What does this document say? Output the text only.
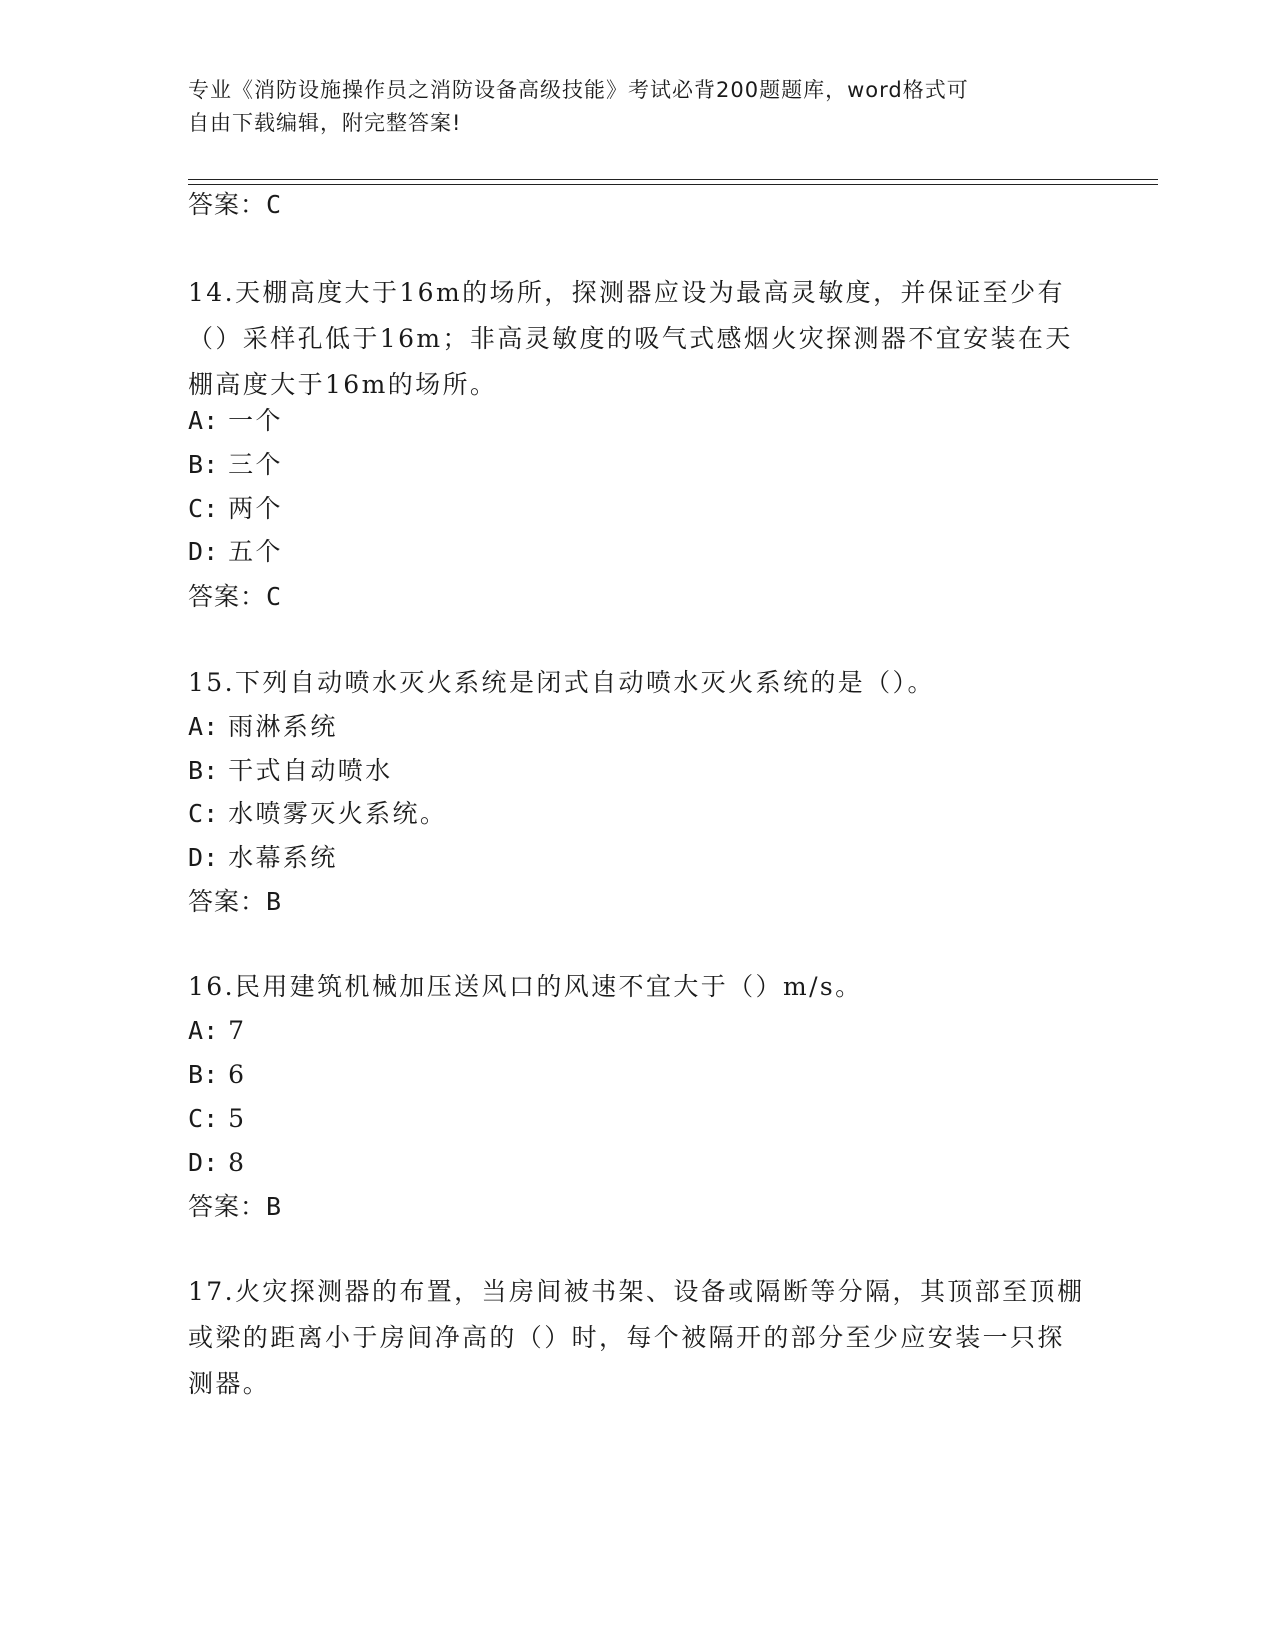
专业《消防设施操作员之消防设备高级技能》考试必背200题题库，word格式可
自由下载编辑，附完整答案!
答案：C
14.天棚高度大于16m的场所，探测器应设为最高灵敏度，并保证至少有（）采样孔低于16m；非高灵敏度的吸气式感烟火灾探测器不宜安装在天棚高度大于16m的场所。
A: 一个
B: 三个
C: 两个
D: 五个
答案：C
15.下列自动喷水灭火系统是闭式自动喷水灭火系统的是（）。
A: 雨淋系统
B: 干式自动喷水
C: 水喷雾灭火系统。
D: 水幕系统
答案：B
16.民用建筑机械加压送风口的风速不宜大于（）m/s。
A: 7
B: 6
C: 5
D: 8
答案：B
17.火灾探测器的布置，当房间被书架、设备或隔断等分隔，其顶部至顶棚或梁的距离小于房间净高的（）时，每个被隔开的部分至少应安装一只探测器。
